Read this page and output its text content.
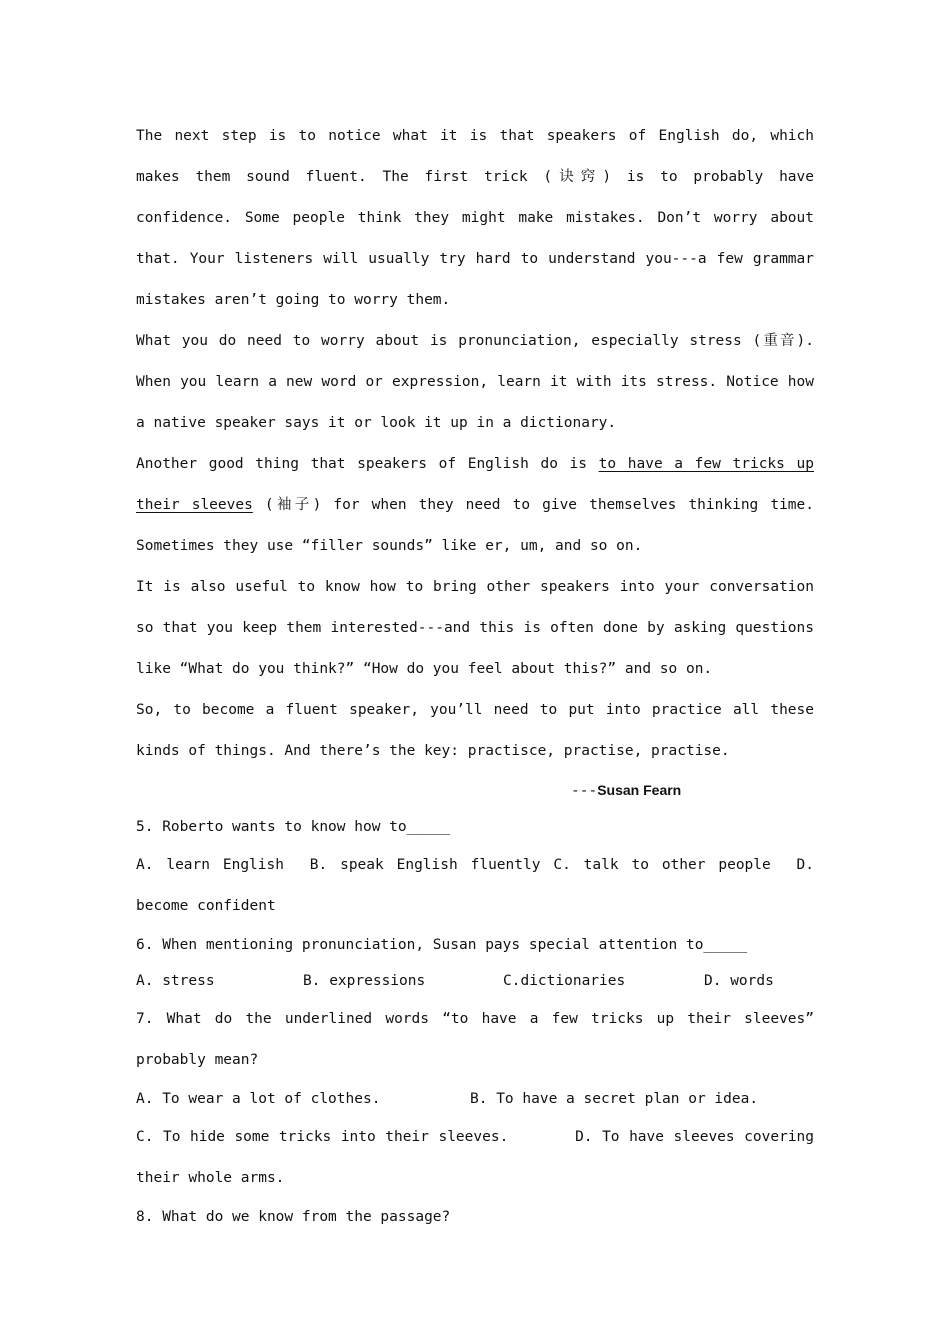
The next step is to notice what it is that speakers of English do, which makes them sound fluent. The first trick (诀窍) is to probably have confidence. Some people think they might make mistakes. Don’t worry about that. Your listeners will usually try hard to understand you---a few grammar mistakes aren’t going to worry them.

What you do need to worry about is pronunciation, especially stress (重音). When you learn a new word or expression, learn it with its stress. Notice how a native speaker says it or look it up in a dictionary.

Another good thing that speakers of English do is to have a few tricks up their sleeves (袖子) for when they need to give themselves thinking time. Sometimes they use “filler sounds” like er, um, and so on.

It is also useful to know how to bring other speakers into your conversation so that you keep them interested---and this is often done by asking questions like “What do you think?” “How do you feel about this?” and so on.

So, to become a fluent speaker, you’ll need to put into practice all these kinds of things. And there’s the key: practisce, practise, practise.

---Susan Fearn

5. Roberto wants to know how to_____

A. learn English B. speak English fluently C. talk to other people D. become confident

6. When mentioning pronunciation, Susan pays special attention to_____

A. stress	B. expressions	C.dictionaries	D. words

7. What do the underlined words “to have a few tricks up their sleeves” probably mean?

A. To wear a lot of clothes.	B. To have a secret plan or idea.

C. To hide some tricks into their sleeves.	D. To have sleeves covering their whole arms.

8. What do we know from the passage?
